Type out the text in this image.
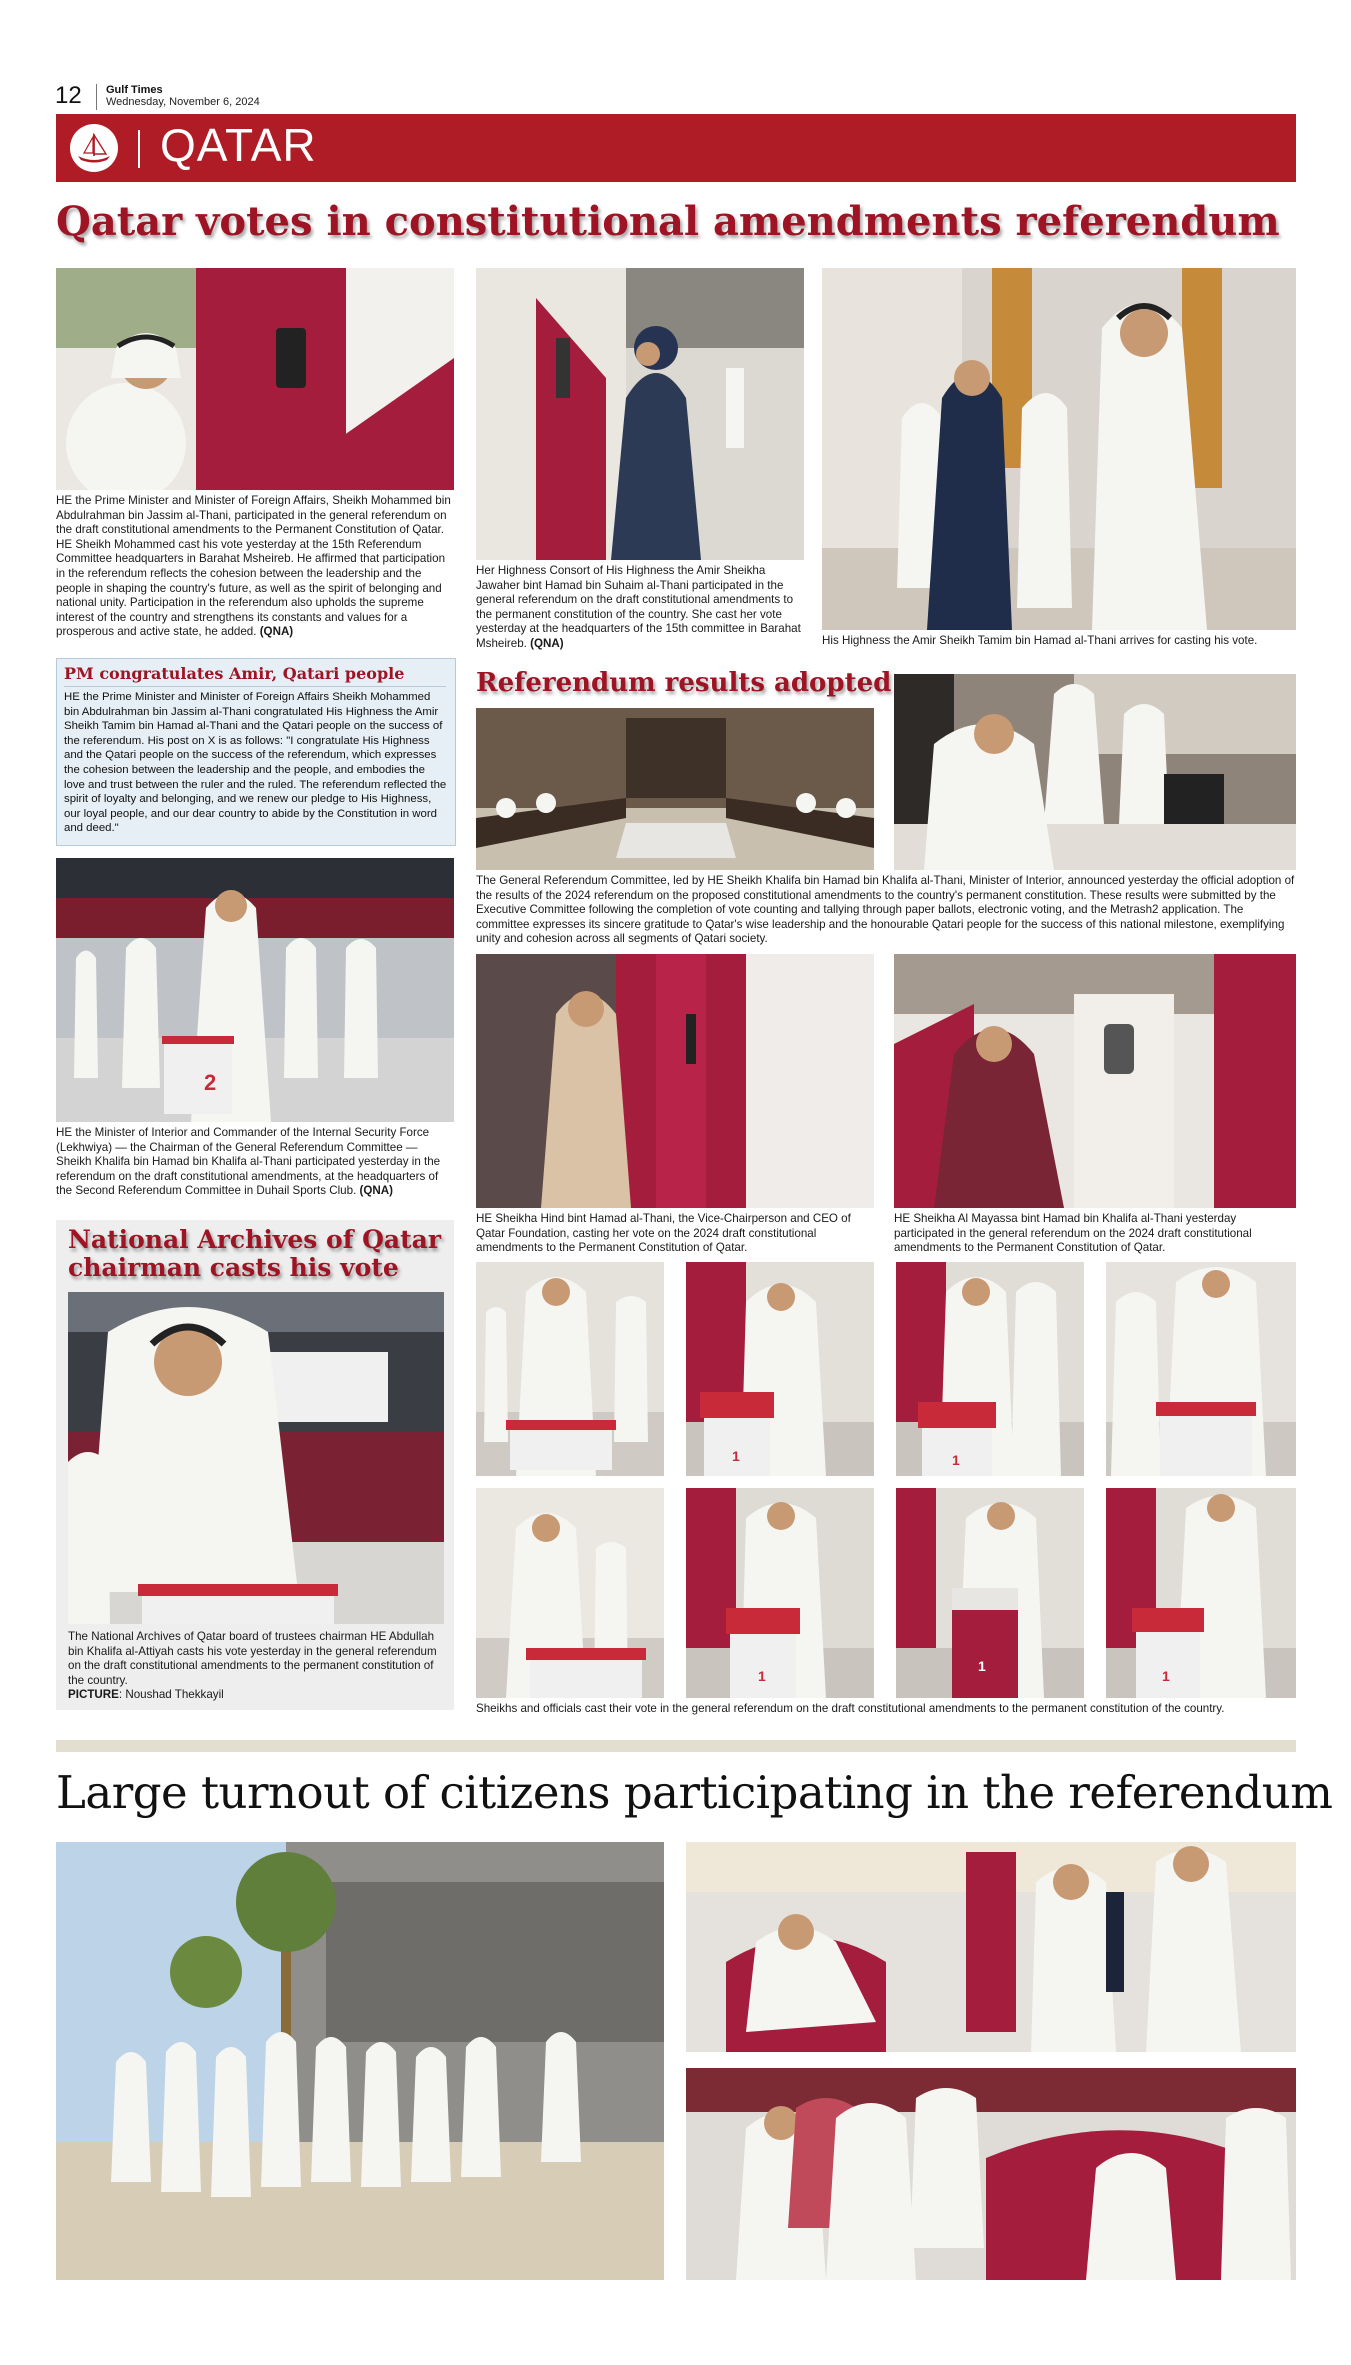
12 Gulf Times
Wednesday, November 6, 2024
QATAR
Qatar votes in constitutional amendments referendum
HE the Prime Minister and Minister of Foreign Affairs, Sheikh Mohammed bin Abdulrahman bin Jassim al-Thani, participated in the general referendum on the draft constitutional amendments to the Permanent Constitution of Qatar. HE Sheikh Mohammed cast his vote yesterday at the 15th Referendum Committee headquarters in Barahat Msheireb. He affirmed that participation in the referendum reflects the cohesion between the leadership and the people in shaping the country's future, as well as the spirit of belonging and national unity. Participation in the referendum also upholds the supreme interest of the country and strengthens its constants and values for a prosperous and active state, he added. (QNA)
Her Highness Consort of His Highness the Amir Sheikha Jawaher bint Hamad bin Suhaim al-Thani participated in the general referendum on the draft constitutional amendments to the permanent constitution of the country. She cast her vote yesterday at the headquarters of the 15th committee in Barahat Msheireb. (QNA)	His Highness the Amir Sheikh Tamim bin Hamad al-Thani arrives for casting his vote.
PM congratulates Amir, Qatari people
HE the Prime Minister and Minister of Foreign Affairs Sheikh Mohammed bin Abdulrahman bin Jassim al-Thani congratulated His Highness the Amir Sheikh Tamim bin Hamad al-Thani and the Qatari people on the success of the referendum. His post on X is as follows: "I congratulate His Highness and the Qatari people on the success of the referendum, which expresses the cohesion between the leadership and the people, and embodies the love and trust between the ruler and the ruled. The referendum reflected the spirit of loyalty and belonging, and we renew our pledge to His Highness, our loyal people, and our dear country to abide by the Constitution in word and deed."
2
HE the Minister of Interior and Commander of the Internal Security Force (Lekhwiya) — the Chairman of the General Referendum Committee — Sheikh Khalifa bin Hamad bin Khalifa al-Thani participated yesterday in the referendum on the draft constitutional amendments, at the headquarters of the Second Referendum Committee in Duhail Sports Club. (QNA)
National Archives of Qatar chairman casts his vote
The National Archives of Qatar board of trustees chairman HE Abdullah bin Khalifa al-Attiyah casts his vote yesterday in the general referendum on the draft constitutional amendments to the permanent constitution of the country.
PICTURE: Noushad Thekkayil
Referendum results adopted
The General Referendum Committee, led by HE Sheikh Khalifa bin Hamad bin Khalifa al-Thani, Minister of Interior, announced yesterday the official adoption of the results of the 2024 referendum on the proposed constitutional amendments to the country's permanent constitution. These results were submitted by the Executive Committee following the completion of vote counting and tallying through paper ballots, electronic voting, and the Metrash2 application. The committee expresses its sincere gratitude to Qatar's wise leadership and the honourable Qatari people for the success of this national milestone, exemplifying unity and cohesion across all segments of Qatari society.
HE Sheikha Hind bint Hamad al-Thani, the Vice-Chairperson and CEO of Qatar Foundation, casting her vote on the 2024 draft constitutional amendments to the Permanent Constitution of Qatar.
HE Sheikha Al Mayassa bint Hamad bin Khalifa al-Thani yesterday participated in the general referendum on the 2024 draft constitutional amendments to the Permanent Constitution of Qatar.
1	1
1
1
1
Sheikhs and officials cast their vote in the general referendum on the draft constitutional amendments to the permanent constitution of the country.
Large turnout of citizens participating in the referendum
